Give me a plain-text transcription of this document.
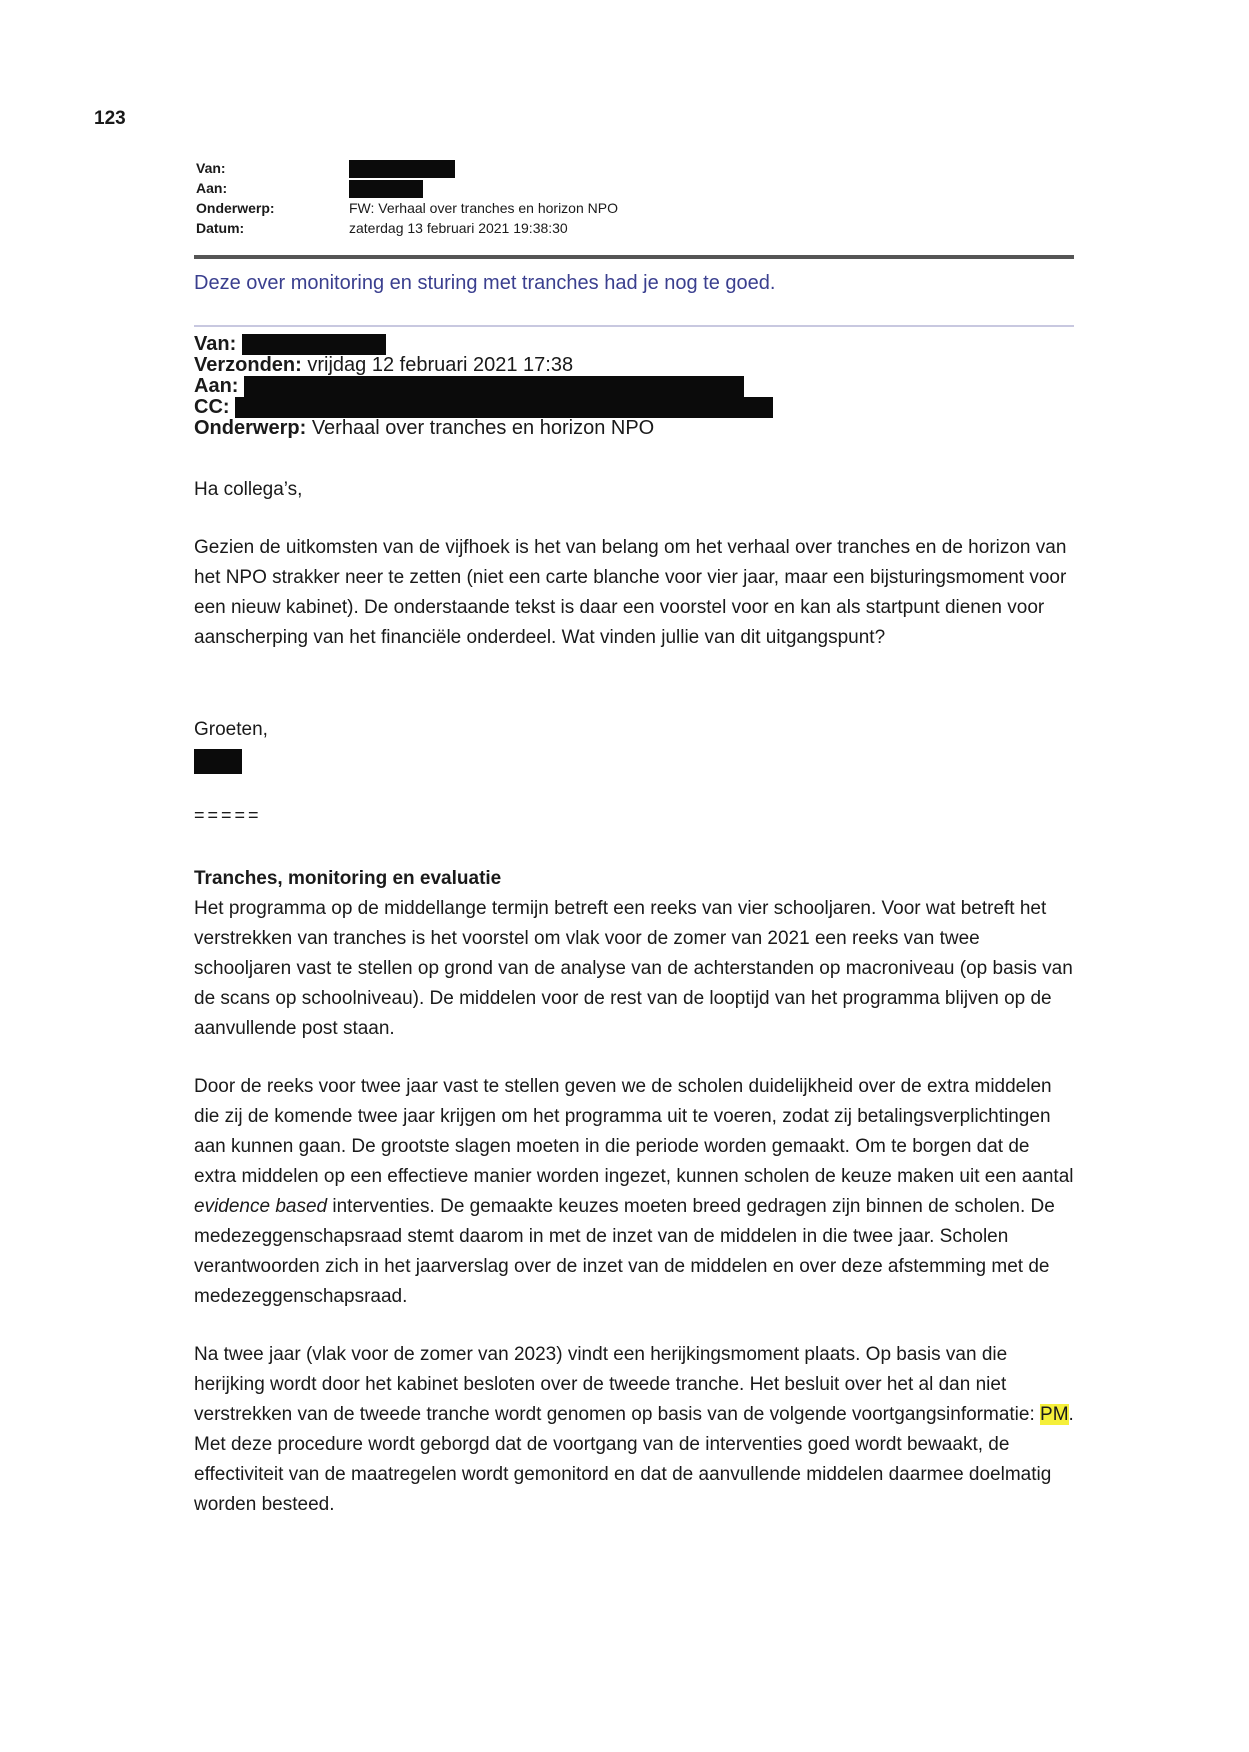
123
Van:
Aan:
Onderwerp:	FW: Verhaal over tranches en horizon NPO
Datum:	zaterdag 13 februari 2021 19:38:30
Deze over monitoring en sturing met tranches had je nog te goed.
Van:
Verzonden: vrijdag 12 februari 2021 17:38
Aan:
CC:
Onderwerp: Verhaal over tranches en horizon NPO

Ha collega’s,

Gezien de uitkomsten van de vijfhoek is het van belang om het verhaal over tranches en de horizon van het NPO strakker neer te zetten (niet een carte blanche voor vier jaar, maar een bijsturingsmoment voor een nieuw kabinet). De onderstaande tekst is daar een voorstel voor en kan als startpunt dienen voor aanscherping van het financiële onderdeel. Wat vinden jullie van dit uitgangspunt?

Groeten,

=====

Tranches, monitoring en evaluatie

Het programma op de middellange termijn betreft een reeks van vier schooljaren. Voor wat betreft het verstrekken van tranches is het voorstel om vlak voor de zomer van 2021 een reeks van twee schooljaren vast te stellen op grond van de analyse van de achterstanden op macroniveau (op basis van de scans op schoolniveau). De middelen voor de rest van de looptijd van het programma blijven op de aanvullende post staan.

Door de reeks voor twee jaar vast te stellen geven we de scholen duidelijkheid over de extra middelen die zij de komende twee jaar krijgen om het programma uit te voeren, zodat zij betalingsverplichtingen aan kunnen gaan. De grootste slagen moeten in die periode worden gemaakt. Om te borgen dat de extra middelen op een effectieve manier worden ingezet, kunnen scholen de keuze maken uit een aantal evidence based interventies. De gemaakte keuzes moeten breed gedragen zijn binnen de scholen. De medezeggenschapsraad stemt daarom in met de inzet van de middelen in die twee jaar. Scholen verantwoorden zich in het jaarverslag over de inzet van de middelen en over deze afstemming met de medezeggenschapsraad.

Na twee jaar (vlak voor de zomer van 2023) vindt een herijkingsmoment plaats. Op basis van die herijking wordt door het kabinet besloten over de tweede tranche. Het besluit over het al dan niet verstrekken van de tweede tranche wordt genomen op basis van de volgende voortgangsinformatie: PM. Met deze procedure wordt geborgd dat de voortgang van de interventies goed wordt bewaakt, de effectiviteit van de maatregelen wordt gemonitord en dat de aanvullende middelen daarmee doelmatig worden besteed.
